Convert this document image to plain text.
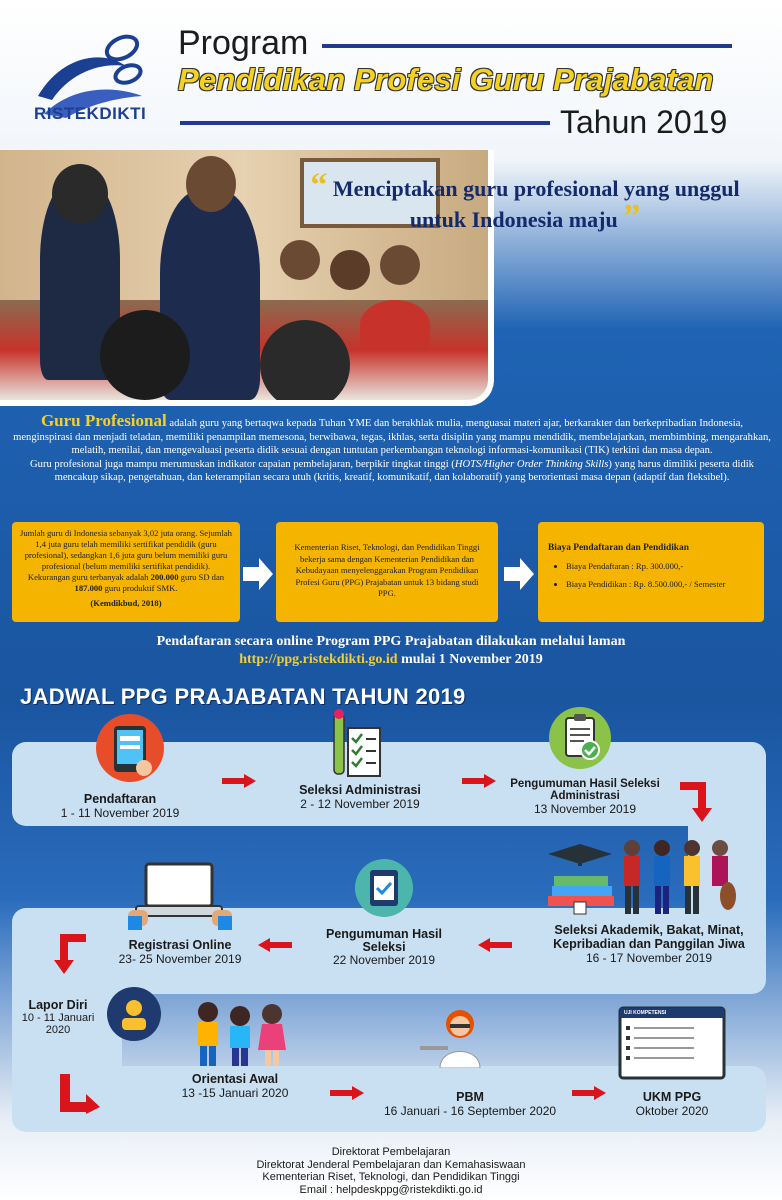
RISTEKDIKTI
Program
Pendidikan Profesi Guru Prajabatan
Tahun 2019
“ Menciptakan guru profesional yang unggul
untuk Indonesia maju ”
Guru Profesional adalah guru yang bertaqwa kepada Tuhan YME dan berakhlak mulia, menguasai materi ajar, berkarakter dan berkepribadian Indonesia, menginspirasi dan menjadi teladan, memiliki penampilan memesona, berwibawa, tegas, ikhlas, serta disiplin yang mampu mendidik, membelajarkan, membimbing, mengarahkan, melatih, menilai, dan mengevaluasi peserta didik sesuai dengan tuntutan perkembangan teknologi informasi-komunikasi (TIK) terkini dan masa depan.
Guru profesional juga mampu merumuskan indikator capaian pembelajaran, berpikir tingkat tinggi (HOTS/Higher Order Thinking Skills) yang harus dimiliki peserta didik mencakup sikap, pengetahuan, dan keterampilan secara utuh (kritis, kreatif, komunikatif, dan kolaboratif) yang berorientasi masa depan (adaptif dan fleksibel).
Jumlah guru di Indonesia sebanyak 3,02 juta orang. Sejumlah 1,4 juta guru telah memiliki sertifikat pendidik (guru profesional), sedangkan 1,6 juta guru belum memiliki guru profesional (belum memiliki sertifikat pendidik). Kekurangan guru terbanyak adalah 200.000 guru SD dan 187.000 guru produktif SMK.
(Kemdikbud, 2018)
Kementerian Riset, Teknologi, dan Pendidikan Tinggi bekerja sama dengan Kementerian Pendidikan dan Kebudayaan menyelenggarakan Program Pendidikan Profesi Guru (PPG) Prajabatan untuk 13 bidang studi PPG.
Biaya Pendaftaran dan Pendidikan
• Biaya Pendaftaran : Rp. 300.000,-
• Biaya Pendidikan : Rp. 8.500.000,- / Semester
Pendaftaran secara online Program PPG Prajabatan dilakukan melalui laman
http://ppg.ristekdikti.go.id mulai 1 November 2019
JADWAL PPG PRAJABATAN TAHUN 2019
Pendaftaran
1 - 11 November 2019
Seleksi Administrasi
2 - 12 November 2019
Pengumuman Hasil Seleksi Administrasi
13 November 2019
Registrasi Online
23- 25 November 2019
Pengumuman Hasil Seleksi
22 November 2019
Seleksi Akademik, Bakat, Minat, Kepribadian dan Panggilan Jiwa
16 - 17 November 2019
Lapor Diri
10 - 11 Januari 2020
UJI KOMPETENSI
Orientasi Awal
13 -15 Januari 2020	PBM
16 Januari - 16 September 2020
UKM PPG
Oktober 2020
Direktorat Pembelajaran
Direktorat Jenderal Pembelajaran dan Kemahasiswaan
Kementerian Riset, Teknologi, dan Pendidikan Tinggi
Email : helpdeskppg@ristekdikti.go.id
